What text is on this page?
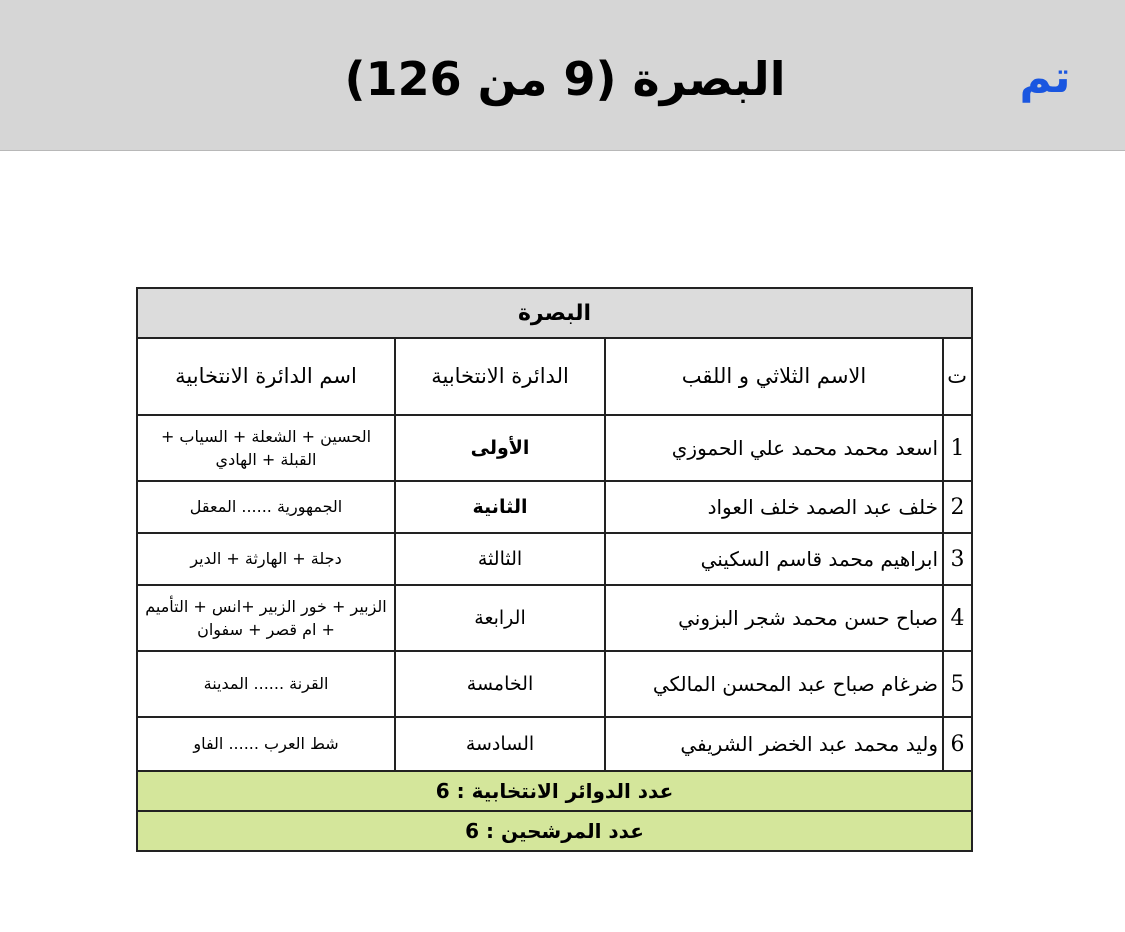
البصرة (9 من 126)	تم
البصرة			
ت	الاسم الثلاثي و اللقب	الدائرة الانتخابية	اسم الدائرة الانتخابية
1	اسعد محمد محمد علي الحموزي	الأولى	الحسين + الشعلة + السياب + القبلة + الهادي
2	خلف عبد الصمد خلف العواد	الثانية	الجمهورية ...... المعقل
3	ابراهيم محمد قاسم السكيني	الثالثة	دجلة + الهارثة + الدير
4	صباح حسن محمد شجر البزوني	الرابعة	الزبير + خور الزبير +انس + التأميم + ام قصر + سفوان
5	ضرغام صباح عبد المحسن المالكي	الخامسة	القرنة ...... المدينة
6	وليد محمد عبد الخضر الشريفي	السادسة	شط العرب ...... الفاو
عدد الدوائر الانتخابية : 6			
عدد المرشحين : 6			
